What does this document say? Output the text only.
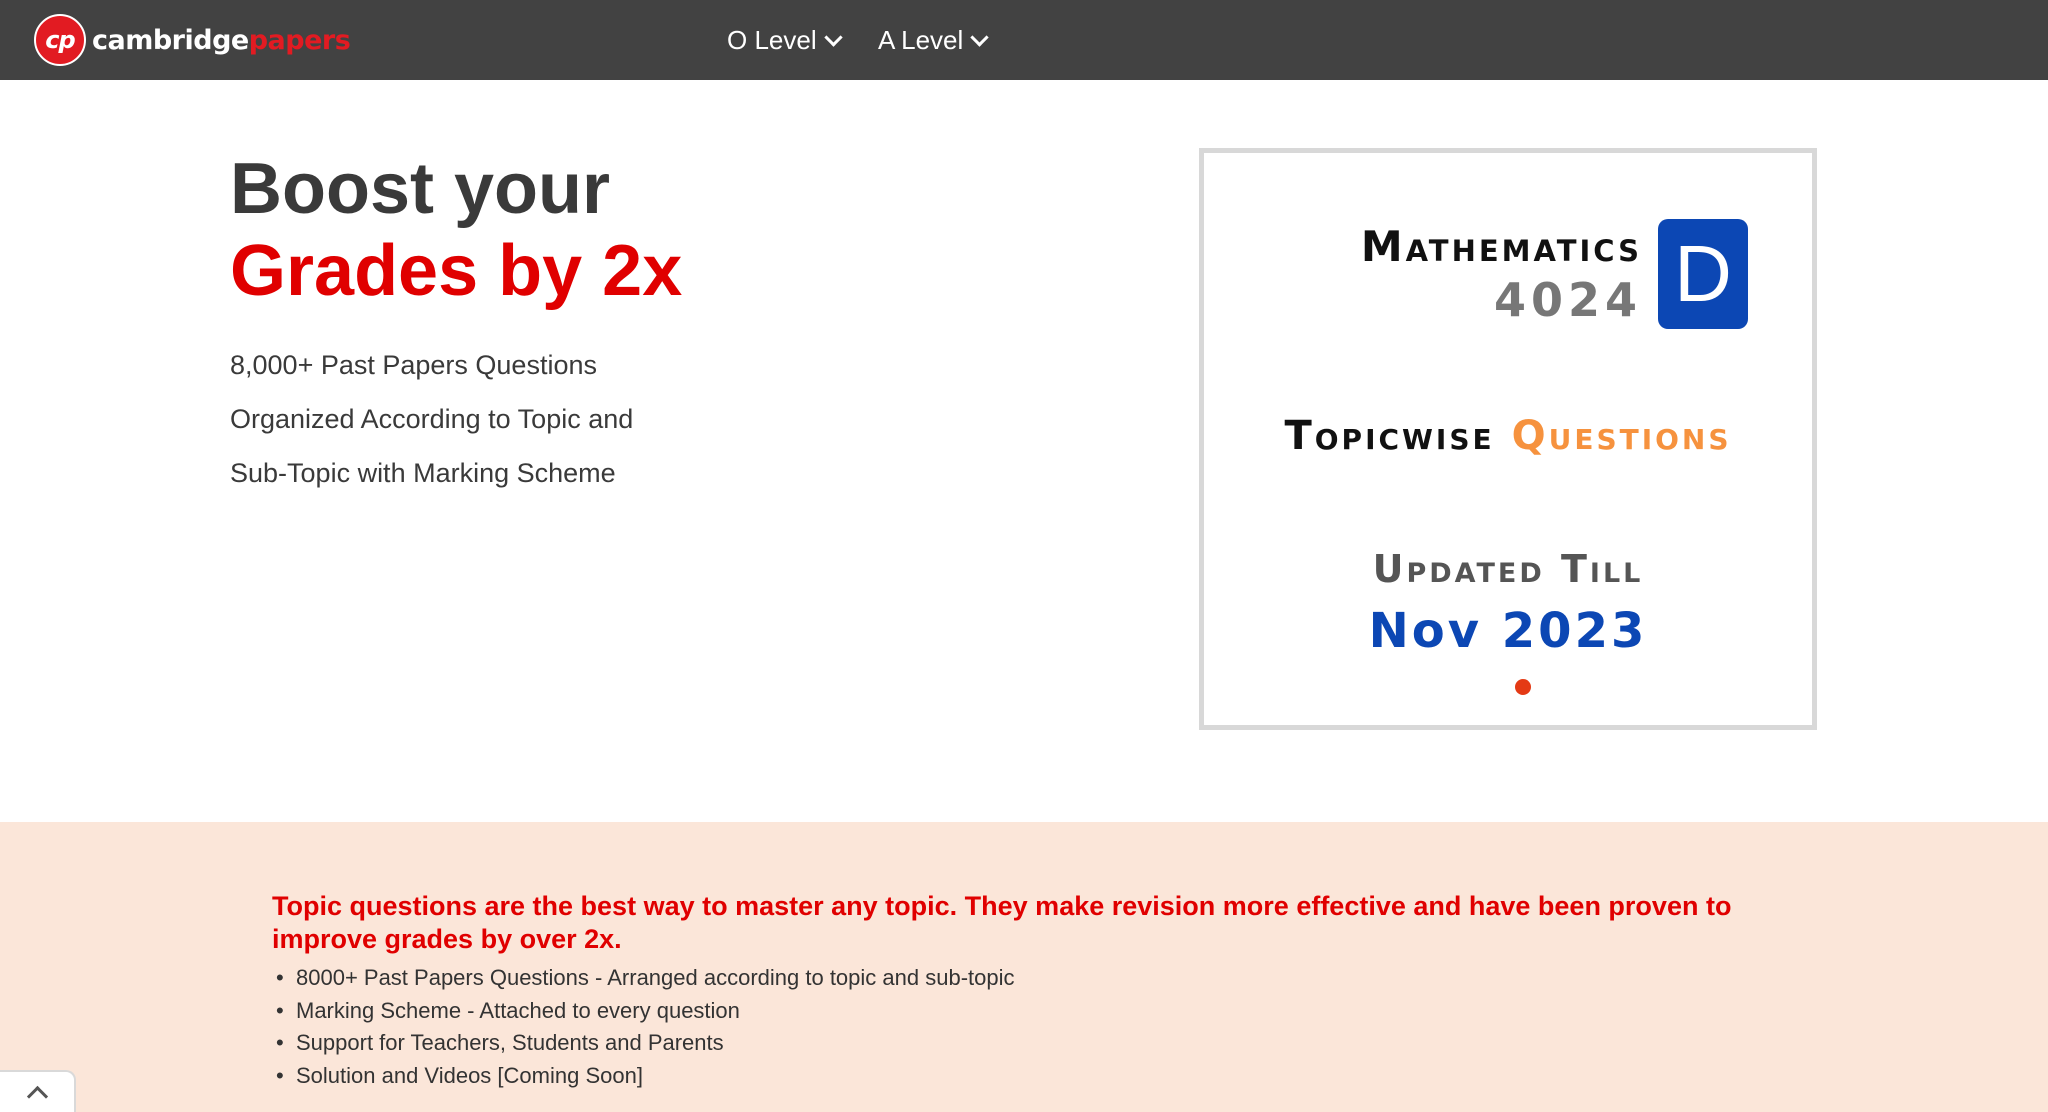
cp cambridgepapers	O Level A Level
Boost your
Grades by 2x
8,000+ Past Papers Questions
Organized According to Topic and
Sub-Topic with Marking Scheme
Mathematics
4024 D
Topicwise Questions
Updated Till
Nov 2023

Topic questions are the best way to master any topic. They make revision more effective and have been proven to improve grades by over 2x.

• 8000+ Past Papers Questions - Arranged according to topic and sub-topic
• Marking Scheme - Attached to every question
• Support for Teachers, Students and Parents
• Solution and Videos [Coming Soon]
